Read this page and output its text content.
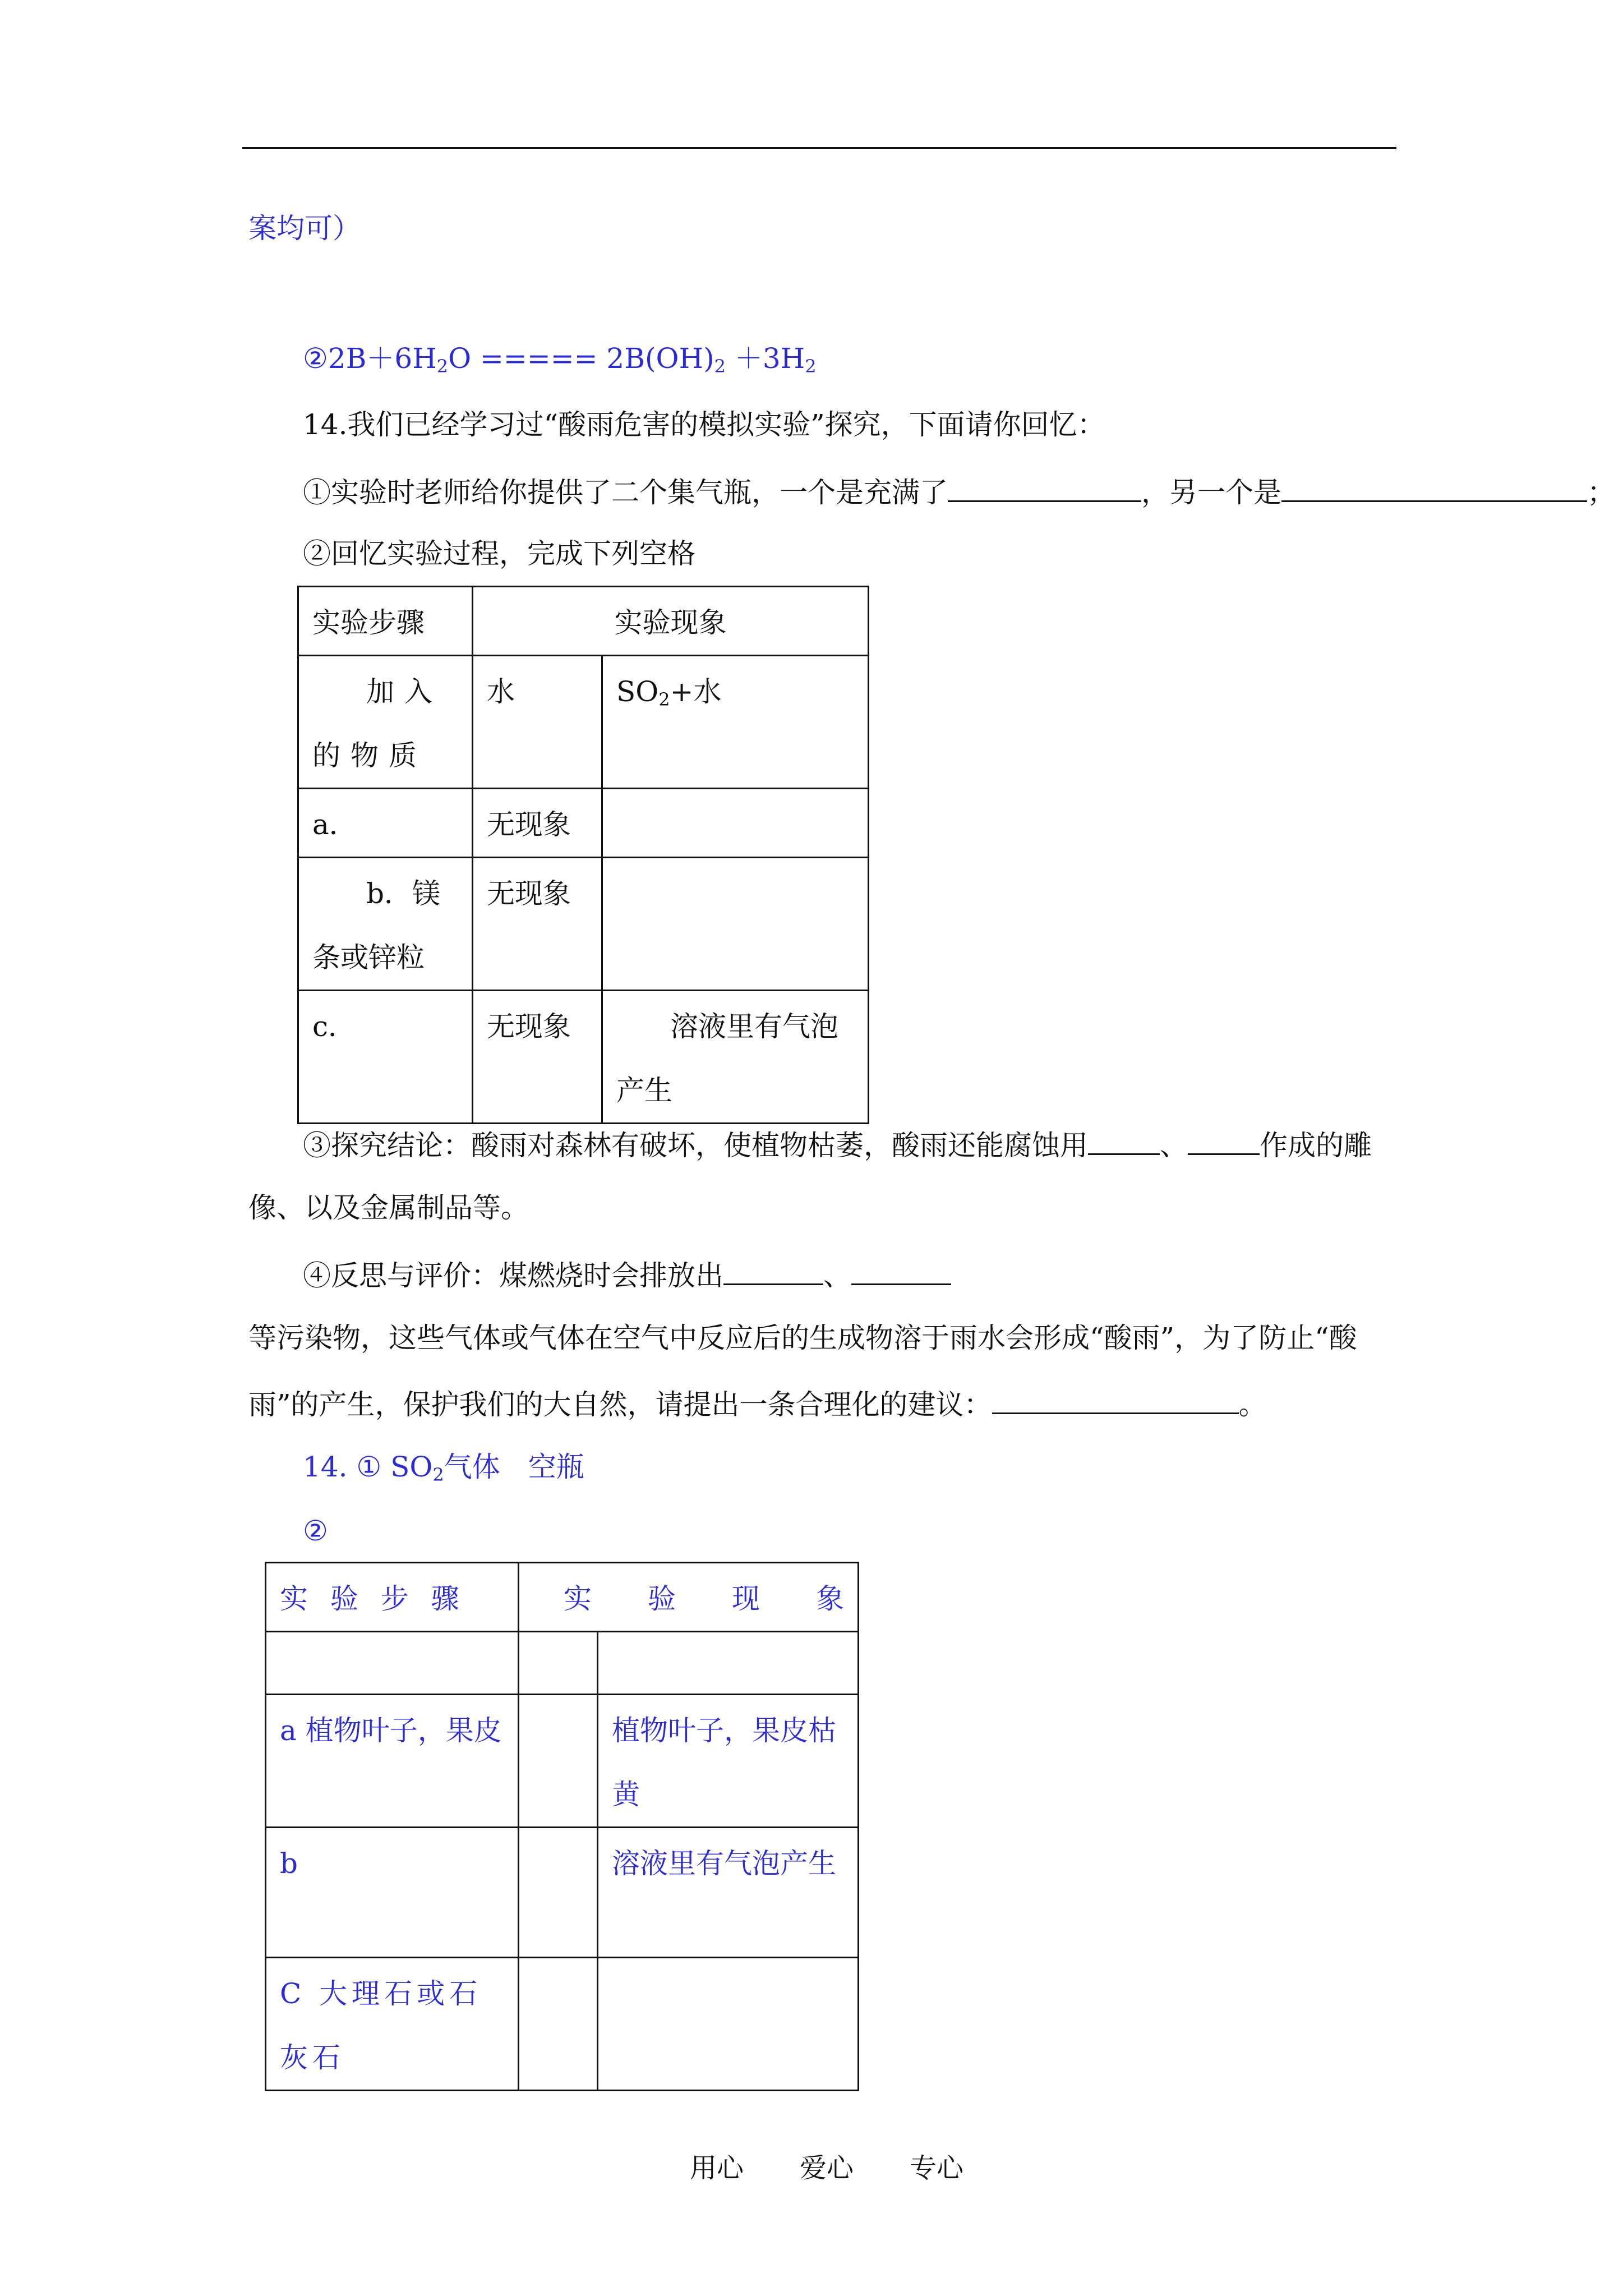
案均可）
$②2B+6H_2O$ ===== $2B(OH)_2 +3H_2$
14.我们已经学习过“酸雨危害的模拟实验”探究，下面请你回忆：
①实验时老师给你提供了二个集气瓶，一个是充满了	，另一个是	；
②回忆实验过程，完成下列空格
实验步骤	实验现象	
加入的物质	水	$SO_2+$水
a．	无现象	
b．镁条或锌粒	无现象	
c．	无现象	溶液里有气泡产生
③探究结论：酸雨对森林有破坏，使植物枯萎，酸雨还能腐蚀用	、	作成的雕
像、以及金属制品等。
④反思与评价：煤燃烧时会排放出	、
等污染物，这些气体或气体在空气中反应后的生成物溶于雨水会形成“酸雨”，为了防止“酸
雨”的产生，保护我们的大自然，请提出一条合理化的建议：	。
14. ① $SO_2$气体　空瓶
②
实 验 步 骤	实　　验　　现　　象	

a 植物叶子，果皮		植物叶子，果皮枯黄
b		溶液里有气泡产生
C 大理石或石灰石		
用心 爱心 专心
